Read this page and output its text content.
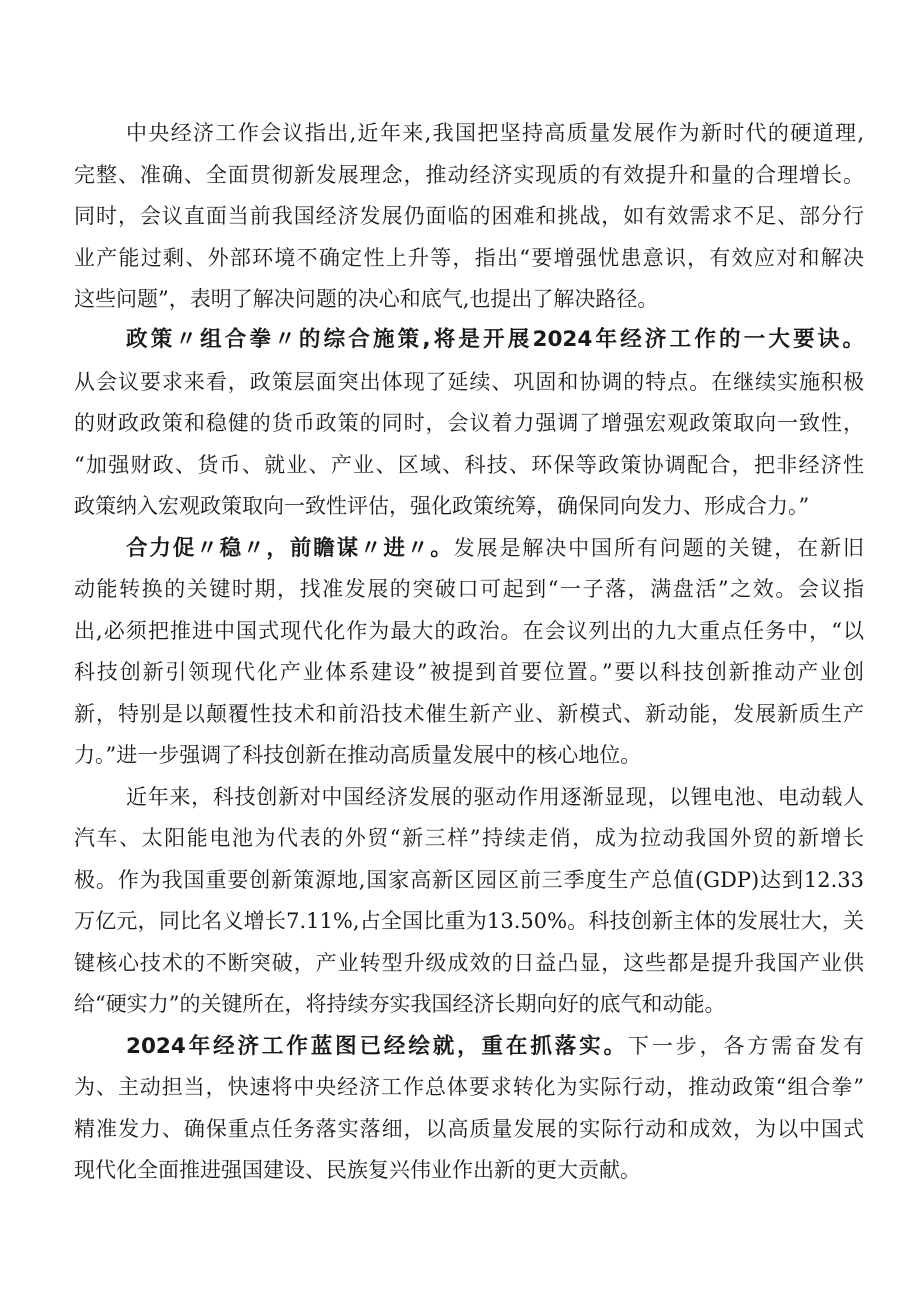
中央经济工作会议指出,近年来,我国把坚持高质量发展作为新时代的硬道理,
完整、准确、全面贯彻新发展理念，推动经济实现质的有效提升和量的合理增长。
同时，会议直面当前我国经济发展仍面临的困难和挑战，如有效需求不足、部分行
业产能过剩、外部环境不确定性上升等，指出“要增强忧患意识，有效应对和解决
这些问题”，表明了解决问题的决心和底气,也提出了解决路径。
政策〃组合拳〃的综合施策,将是开展2024年经济工作的一大要诀。
从会议要求来看，政策层面突出体现了延续、巩固和协调的特点。在继续实施积极
的财政政策和稳健的货币政策的同时，会议着力强调了增强宏观政策取向一致性，
“加强财政、货币、就业、产业、区域、科技、环保等政策协调配合，把非经济性
政策纳入宏观政策取向一致性评估，强化政策统筹，确保同向发力、形成合力。”
合力促〃稳〃，前瞻谋〃进〃。发展是解决中国所有问题的关键，在新旧
动能转换的关键时期，找准发展的突破口可起到“一子落，满盘活”之效。会议指
出,必须把推进中国式现代化作为最大的政治。在会议列出的九大重点任务中，“以
科技创新引领现代化产业体系建设”被提到首要位置。”要以科技创新推动产业创
新，特别是以颠覆性技术和前沿技术催生新产业、新模式、新动能，发展新质生产
力。”进一步强调了科技创新在推动高质量发展中的核心地位。
近年来，科技创新对中国经济发展的驱动作用逐渐显现，以锂电池、电动载人
汽车、太阳能电池为代表的外贸“新三样”持续走俏，成为拉动我国外贸的新增长
极。作为我国重要创新策源地,国家高新区园区前三季度生产总值(GDP)达到12.33
万亿元，同比名义增长7.11%,占全国比重为13.50%。科技创新主体的发展壮大，关
键核心技术的不断突破，产业转型升级成效的日益凸显，这些都是提升我国产业供
给“硬实力”的关键所在，将持续夯实我国经济长期向好的底气和动能。
2024年经济工作蓝图已经绘就，重在抓落实。下一步，各方需奋发有
为、主动担当，快速将中央经济工作总体要求转化为实际行动，推动政策“组合拳”
精准发力、确保重点任务落实落细，以高质量发展的实际行动和成效，为以中国式
现代化全面推进强国建设、民族复兴伟业作出新的更大贡献。
